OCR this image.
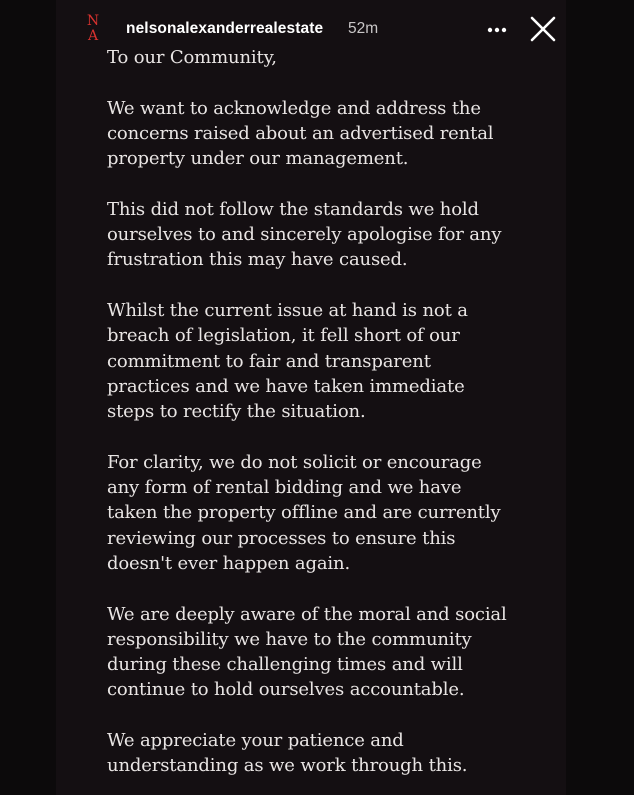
N
A nelsonalexanderrealestate 52m

To our Community,

We want to acknowledge and address the
concerns raised about an advertised rental
property under our management.

This did not follow the standards we hold
ourselves to and sincerely apologise for any
frustration this may have caused.

Whilst the current issue at hand is not a
breach of legislation, it fell short of our
commitment to fair and transparent
practices and we have taken immediate
steps to rectify the situation.

For clarity, we do not solicit or encourage
any form of rental bidding and we have
taken the property offline and are currently
reviewing our processes to ensure this
doesn't ever happen again.

We are deeply aware of the moral and social
responsibility we have to the community
during these challenging times and will
continue to hold ourselves accountable.

We appreciate your patience and
understanding as we work through this.
